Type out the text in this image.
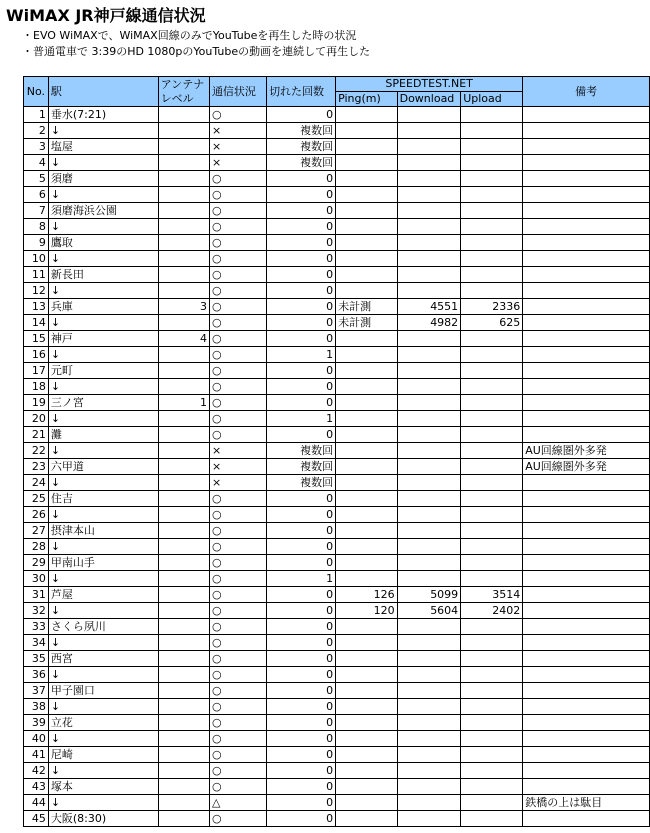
WiMAX JR神戸線通信状況
・EVO WiMAXで、WiMAX回線のみでYouTubeを再生した時の状況
・普通電車で 3:39のHD 1080pのYouTubeの動画を連続して再生した
No.	駅	アンテナレベル	通信状況	切れた回数	SPEEDTEST.NET			備考
					Ping(m)	Download	Upload	
1	垂水(7:21)		○	0				
2	↓		×	複数回				
3	塩屋		×	複数回				
4	↓		×	複数回				
5	須磨		○	0				
6	↓		○	0				
7	須磨海浜公園		○	0				
8	↓		○	0				
9	鷹取		○	0				
10	↓		○	0				
11	新長田		○	0				
12	↓		○	0				
13	兵庫	3	○	0	未計測	4551	2336	
14	↓		○	0	未計測	4982	625	
15	神戸	4	○	0				
16	↓		○	1				
17	元町		○	0				
18	↓		○	0				
19	三ノ宮	1	○	0				
20	↓		○	1				
21	灘		○	0				
22	↓		×	複数回				AU回線圏外多発
23	六甲道		×	複数回				AU回線圏外多発
24	↓		×	複数回				
25	住吉		○	0				
26	↓		○	0				
27	摂津本山		○	0				
28	↓		○	0				
29	甲南山手		○	0				
30	↓		○	1				
31	芦屋		○	0	126	5099	3514	
32	↓		○	0	120	5604	2402	
33	さくら夙川		○	0				
34	↓		○	0				
35	西宮		○	0				
36	↓		○	0				
37	甲子園口		○	0				
38	↓		○	0				
39	立花		○	0				
40	↓		○	0				
41	尼崎		○	0				
42	↓		○	0				
43	塚本		○	0				
44	↓		△	0				鉄橋の上は駄目
45	大阪(8:30)		○	0				
